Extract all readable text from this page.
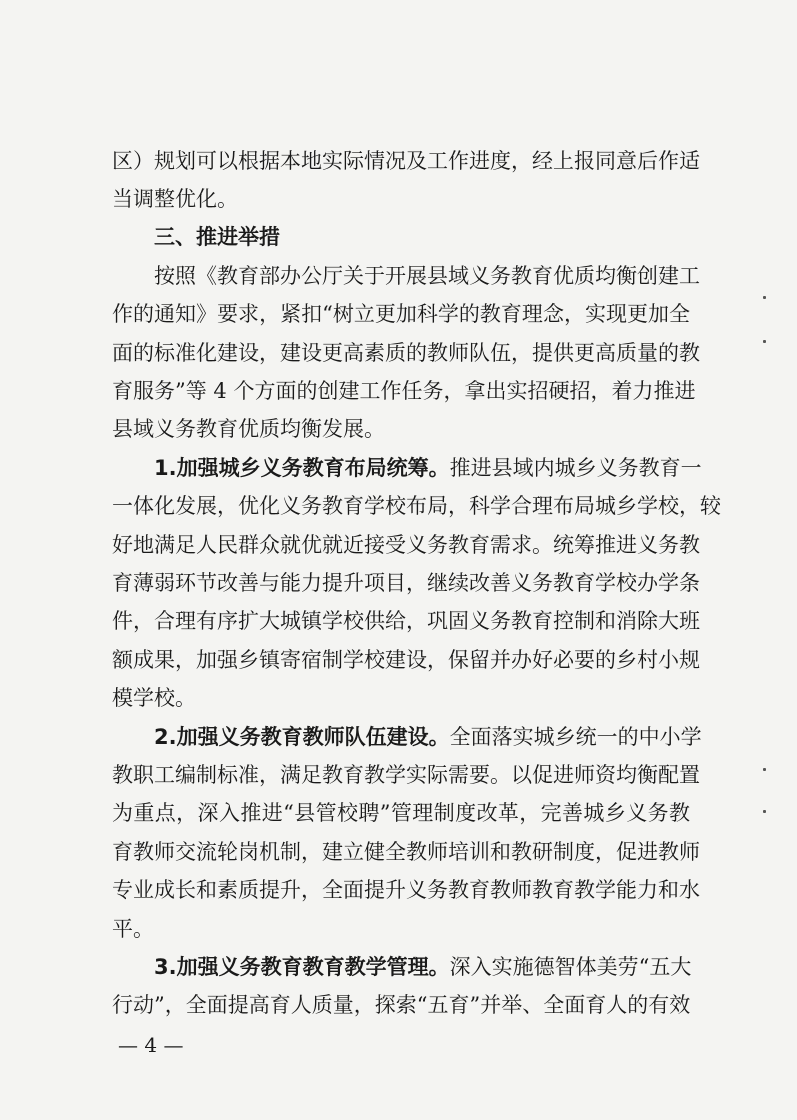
区）规划可以根据本地实际情况及工作进度，经上报同意后作适
当调整优化。
三、推进举措
按照《教育部办公厅关于开展县域义务教育优质均衡创建工
作的通知》要求，紧扣“树立更加科学的教育理念，实现更加全
面的标准化建设，建设更高素质的教师队伍，提供更高质量的教
育服务”等 4 个方面的创建工作任务，拿出实招硬招，着力推进
县域义务教育优质均衡发展。
1.加强城乡义务教育布局统筹。推进县域内城乡义务教育一
一体化发展，优化义务教育学校布局，科学合理布局城乡学校，较
好地满足人民群众就优就近接受义务教育需求。统筹推进义务教
育薄弱环节改善与能力提升项目，继续改善义务教育学校办学条
件，合理有序扩大城镇学校供给，巩固义务教育控制和消除大班
额成果，加强乡镇寄宿制学校建设，保留并办好必要的乡村小规
模学校。
2.加强义务教育教师队伍建设。全面落实城乡统一的中小学
教职工编制标准，满足教育教学实际需要。以促进师资均衡配置
为重点，深入推进“县管校聘”管理制度改革，完善城乡义务教
育教师交流轮岗机制，建立健全教师培训和教研制度，促进教师
专业成长和素质提升，全面提升义务教育教师教育教学能力和水
平。
3.加强义务教育教育教学管理。深入实施德智体美劳“五大
行动”，全面提高育人质量，探索“五育”并举、全面育人的有效
— 4 —
